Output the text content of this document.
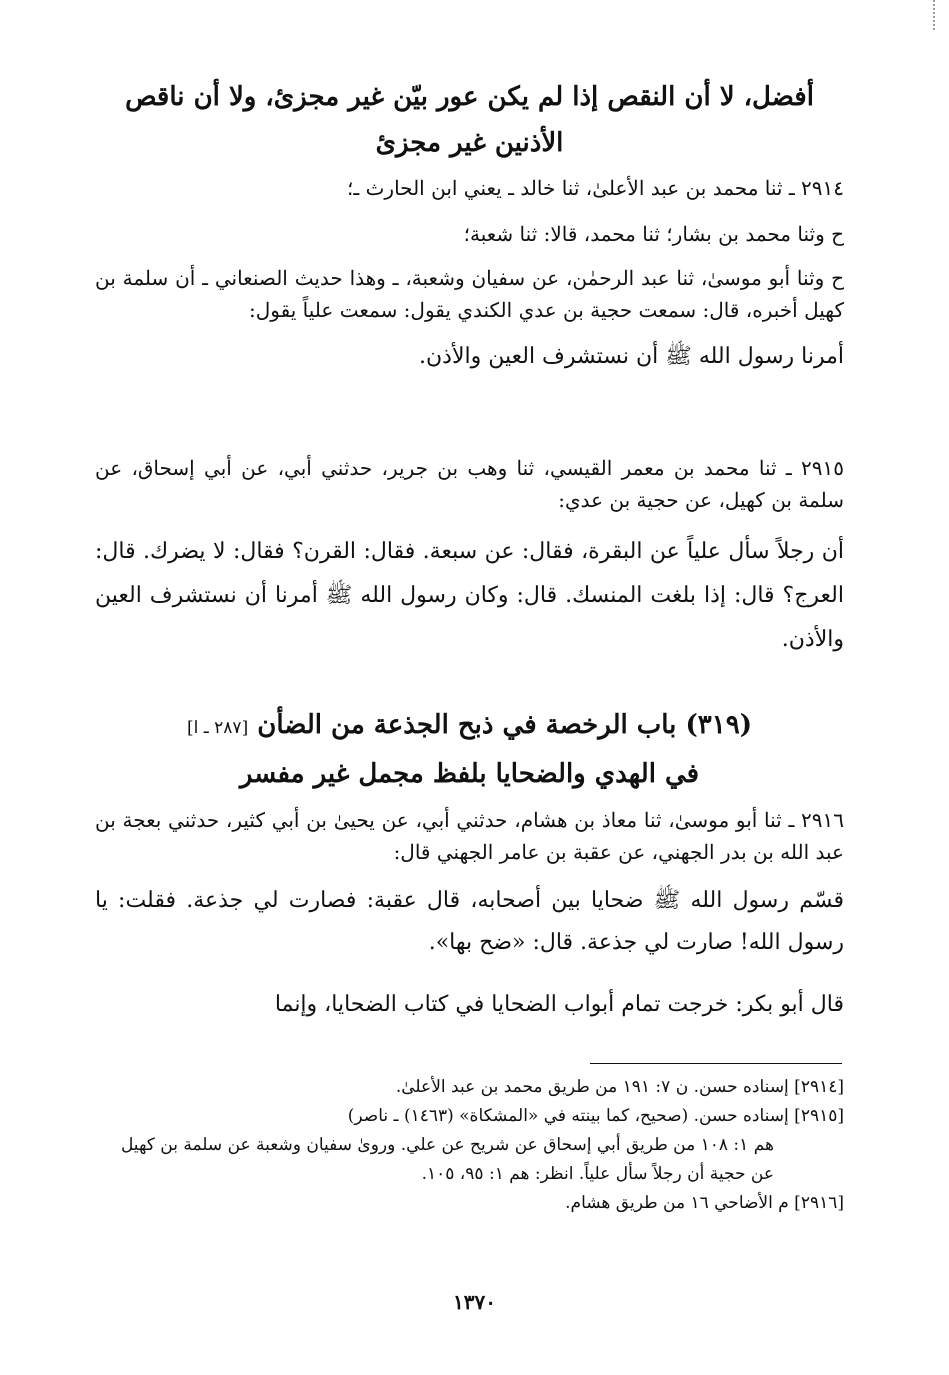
أفضل، لا أن النقص إذا لم يكن عور بيّن غير مجزئ، ولا أن ناقص
الأذنين غير مجزئ

٢٩١٤ ـ ثنا محمد بن عبد الأعلىٰ، ثنا خالد ـ يعني ابن الحارث ـ؛

ح وثنا محمد بن بشار؛ ثنا محمد، قالا: ثنا شعبة؛

ح وثنا أبو موسىٰ، ثنا عبد الرحمٰن، عن سفيان وشعبة، ـ وهذا حديث الصنعاني ـ أن سلمة بن كهيل أخبره، قال: سمعت حجية بن عدي الكندي يقول: سمعت علياً يقول:

أمرنا رسول الله ﷺ أن نستشرف العين والأذن.

٢٩١٥ ـ ثنا محمد بن معمر القيسي، ثنا وهب بن جرير، حدثني أبي، عن أبي إسحاق، عن سلمة بن كهيل، عن حجية بن عدي:

أن رجلاً سأل علياً عن البقرة، فقال: عن سبعة. فقال: القرن؟ فقال: لا يضرك. قال: العرج؟ قال: إذا بلغت المنسك. قال: وكان رسول الله ﷺ أمرنا أن نستشرف العين والأذن.

(٣١٩) باب الرخصة في ذبح الجذعة من الضأن [٢٨٧ ـ ا]
في الهدي والضحايا بلفظ مجمل غير مفسر

٢٩١٦ ـ ثنا أبو موسىٰ، ثنا معاذ بن هشام، حدثني أبي، عن يحيىٰ بن أبي كثير، حدثني بعجة بن عبد الله بن بدر الجهني، عن عقبة بن عامر الجهني قال:

قسّم رسول الله ﷺ ضحايا بين أصحابه، قال عقبة: فصارت لي جذعة. فقلت: يا رسول الله! صارت لي جذعة. قال: «ضح بها».

قال أبو بكر: خرجت تمام أبواب الضحايا في كتاب الضحايا، وإنما

[٢٩١٤] إسناده حسن. ن ٧: ١٩١ من طريق محمد بن عبد الأعلىٰ.

[٢٩١٥] إسناده حسن. (صحيح، كما بينته في «المشكاة» (١٤٦٣) ـ ناصر)

هم ١: ١٠٨ من طريق أبي إسحاق عن شريح عن علي. ورویٰ سفيان وشعبة عن سلمة بن كهيل عن حجية أن رجلاً سأل علياً. انظر: هم ١: ٩٥، ١٠٥.

[٢٩١٦] م الأضاحي ١٦ من طريق هشام.

١٣٧٠
